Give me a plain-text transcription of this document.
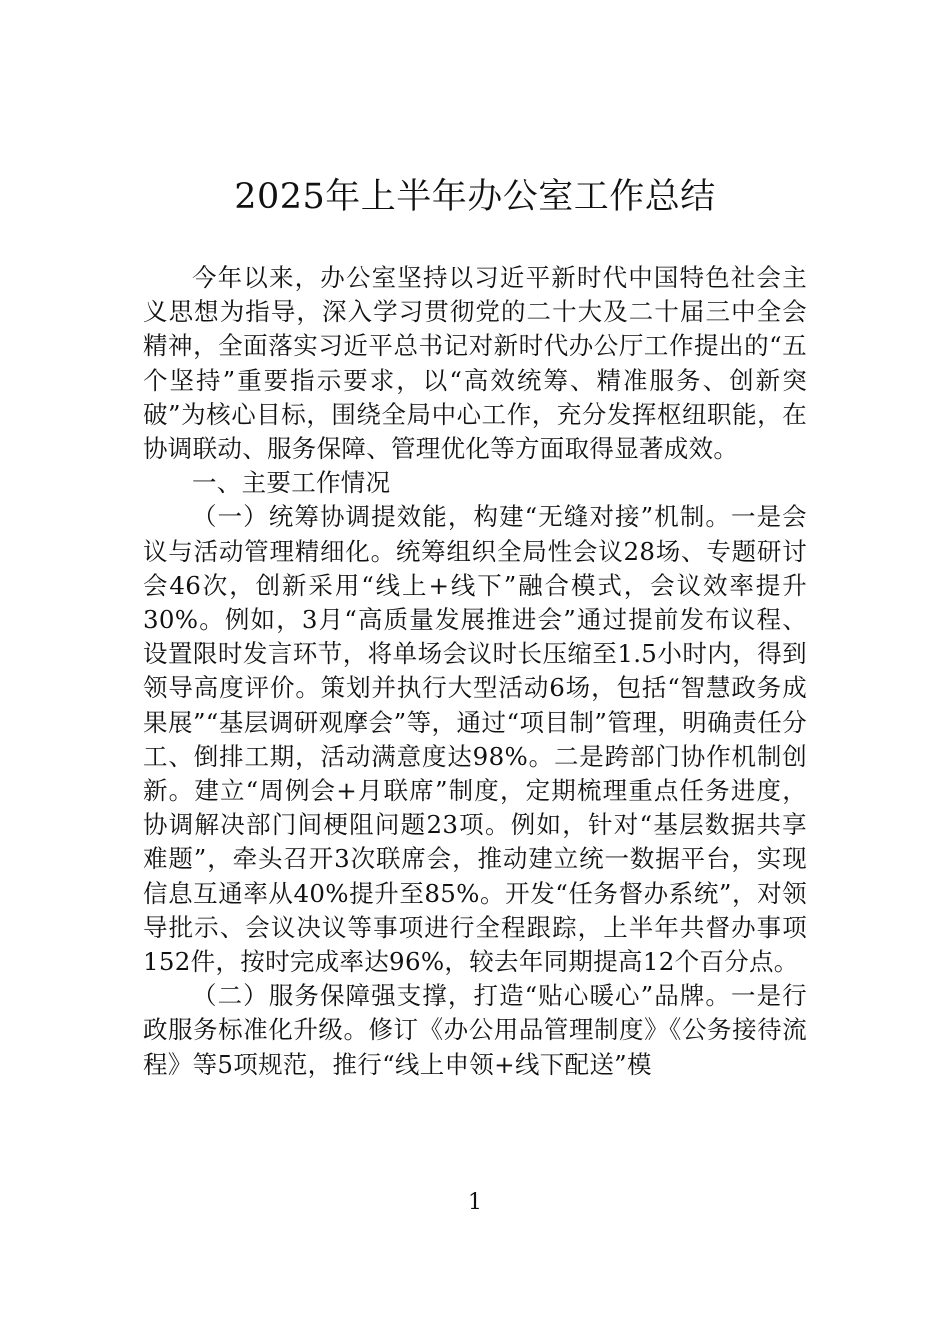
2025年上半年办公室工作总结

今年以来，办公室坚持以习近平新时代中国特色社会主义思想为指导，深入学习贯彻党的二十大及二十届三中全会精神，全面落实习近平总书记对新时代办公厅工作提出的“五个坚持”重要指示要求，以“高效统筹、精准服务、创新突破”为核心目标，围绕全局中心工作，充分发挥枢纽职能，在协调联动、服务保障、管理优化等方面取得显著成效。

一、主要工作情况

（一）统筹协调提效能，构建“无缝对接”机制。一是会议与活动管理精细化。统筹组织全局性会议28场、专题研讨会46次，创新采用“线上+线下”融合模式，会议效率提升30%。例如，3月“高质量发展推进会”通过提前发布议程、设置限时发言环节，将单场会议时长压缩至1.5小时内，得到领导高度评价。策划并执行大型活动6场，包括“智慧政务成果展”“基层调研观摩会”等，通过“项目制”管理，明确责任分工、倒排工期，活动满意度达98%。二是跨部门协作机制创新。建立“周例会+月联席”制度，定期梳理重点任务进度，协调解决部门间梗阻问题23项。例如，针对“基层数据共享难题”，牵头召开3次联席会，推动建立统一数据平台，实现信息互通率从40%提升至85%。开发“任务督办系统”，对领导批示、会议决议等事项进行全程跟踪，上半年共督办事项152件，按时完成率达96%，较去年同期提高12个百分点。

（二）服务保障强支撑，打造“贴心暖心”品牌。一是行政服务标准化升级。修订《办公用品管理制度》《公务接待流程》等5项规范，推行“线上申领+线下配送”模

1
